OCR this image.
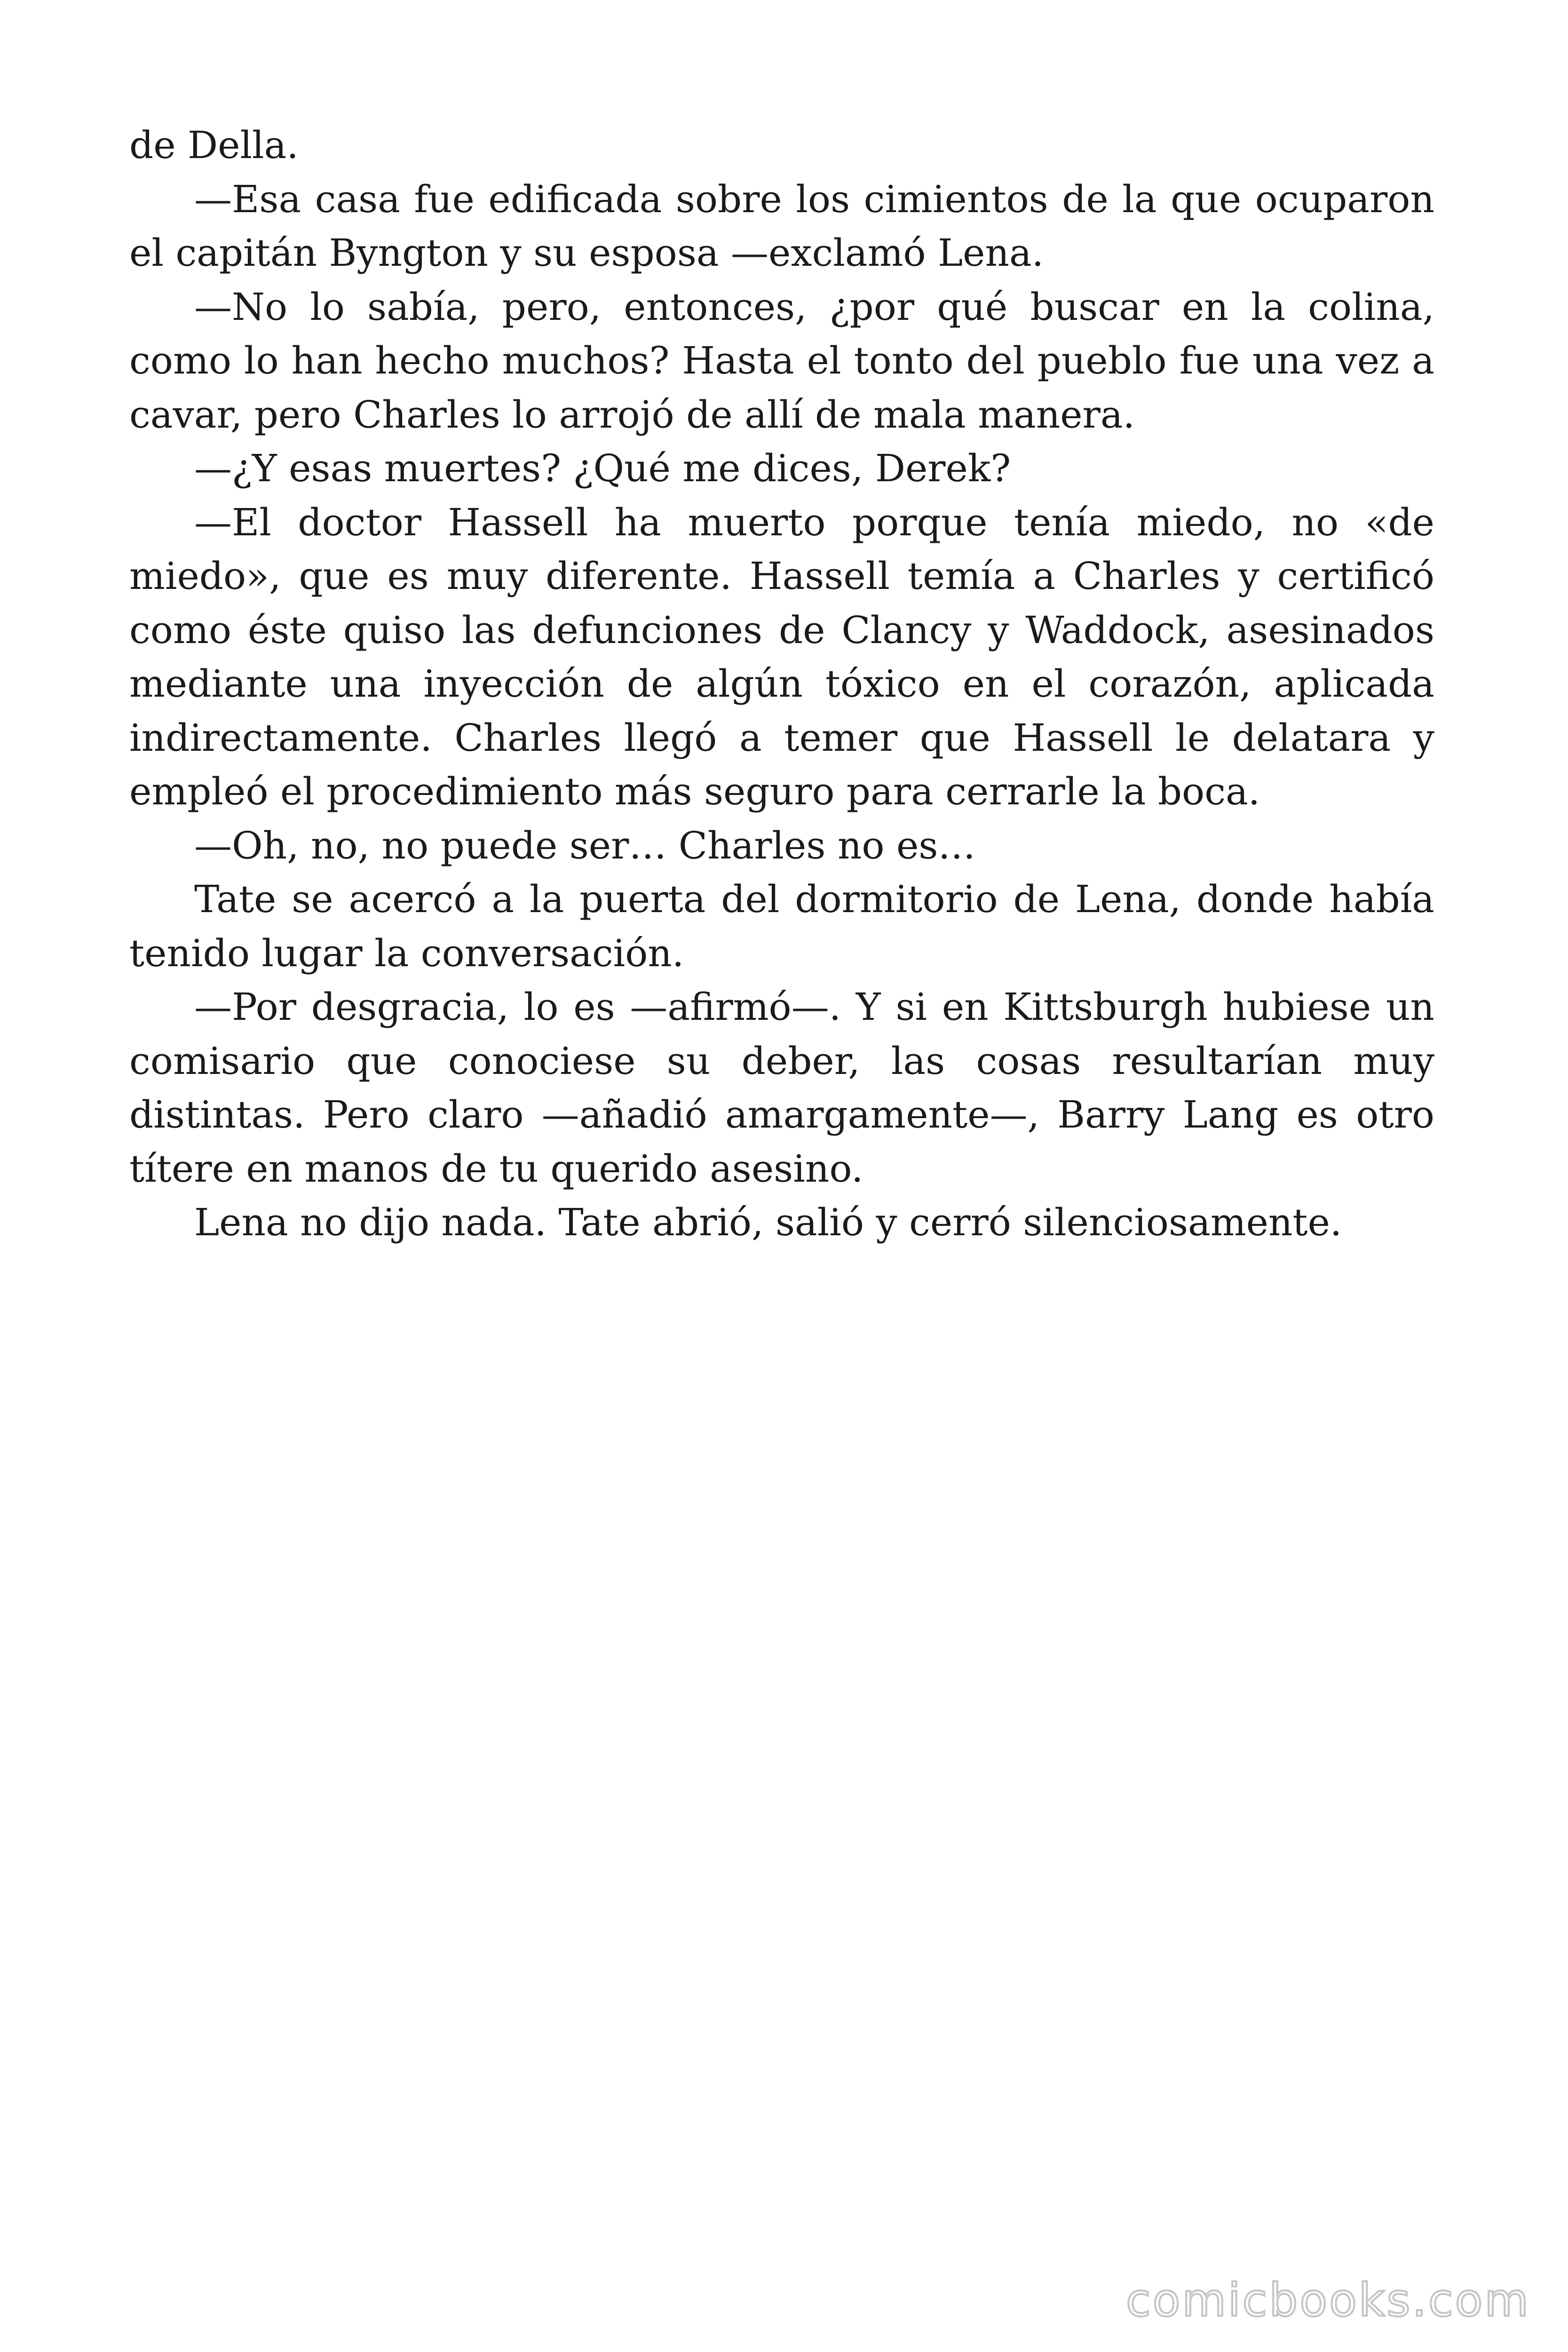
de Della.

—Esa casa fue edificada sobre los cimientos de la que ocuparon el capitán Byngton y su esposa —exclamó Lena.

—No lo sabía, pero, entonces, ¿por qué buscar en la colina, como lo han hecho muchos? Hasta el tonto del pueblo fue una vez a cavar, pero Charles lo arrojó de allí de mala manera.

—¿Y esas muertes? ¿Qué me dices, Derek?

—El doctor Hassell ha muerto porque tenía miedo, no «de miedo», que es muy diferente. Hassell temía a Charles y certificó como éste quiso las defunciones de Clancy y Waddock, asesinados mediante una inyección de algún tóxico en el corazón, aplicada indirectamente. Charles llegó a temer que Hassell le delatara y empleó el procedimiento más seguro para cerrarle la boca.

—Oh, no, no puede ser… Charles no es…

Tate se acercó a la puerta del dormitorio de Lena, donde había tenido lugar la conversación.

—Por desgracia, lo es —afirmó—. Y si en Kittsburgh hubiese un comisario que conociese su deber, las cosas resultarían muy distintas. Pero claro —añadió amargamente—, Barry Lang es otro títere en manos de tu querido asesino.

Lena no dijo nada. Tate abrió, salió y cerró silenciosamente.

comicbooks.com
